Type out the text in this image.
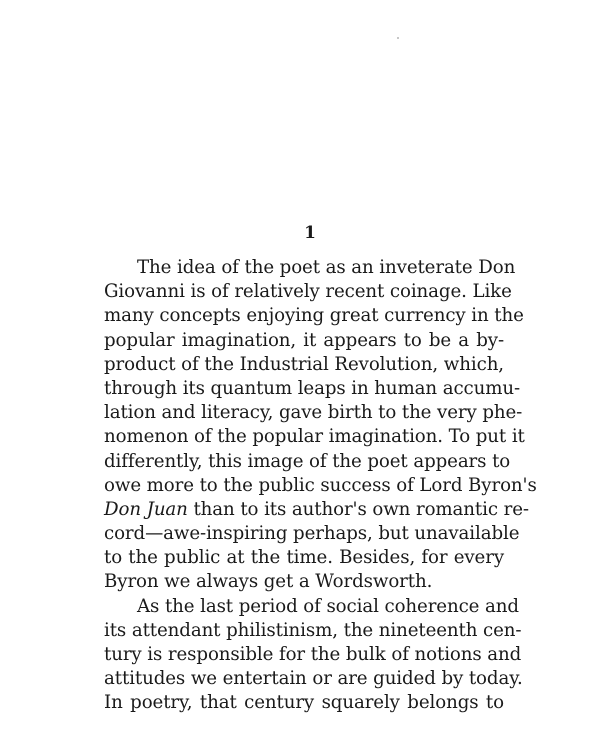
1
The idea of the poet as an inveterate Don
Giovanni is of relatively recent coinage. Like
many concepts enjoying great currency in the
popular imagination, it appears to be a by-
product of the Industrial Revolution, which,
through its quantum leaps in human accumu-
lation and literacy, gave birth to the very phe-
nomenon of the popular imagination. To put it
differently, this image of the poet appears to
owe more to the public success of Lord Byron's
Don Juan than to its author's own romantic re-
cord—awe-inspiring perhaps, but unavailable
to the public at the time. Besides, for every
Byron we always get a Wordsworth.
As the last period of social coherence and
its attendant philistinism, the nineteenth cen-
tury is responsible for the bulk of notions and
attitudes we entertain or are guided by today.
In poetry, that century squarely belongs to
